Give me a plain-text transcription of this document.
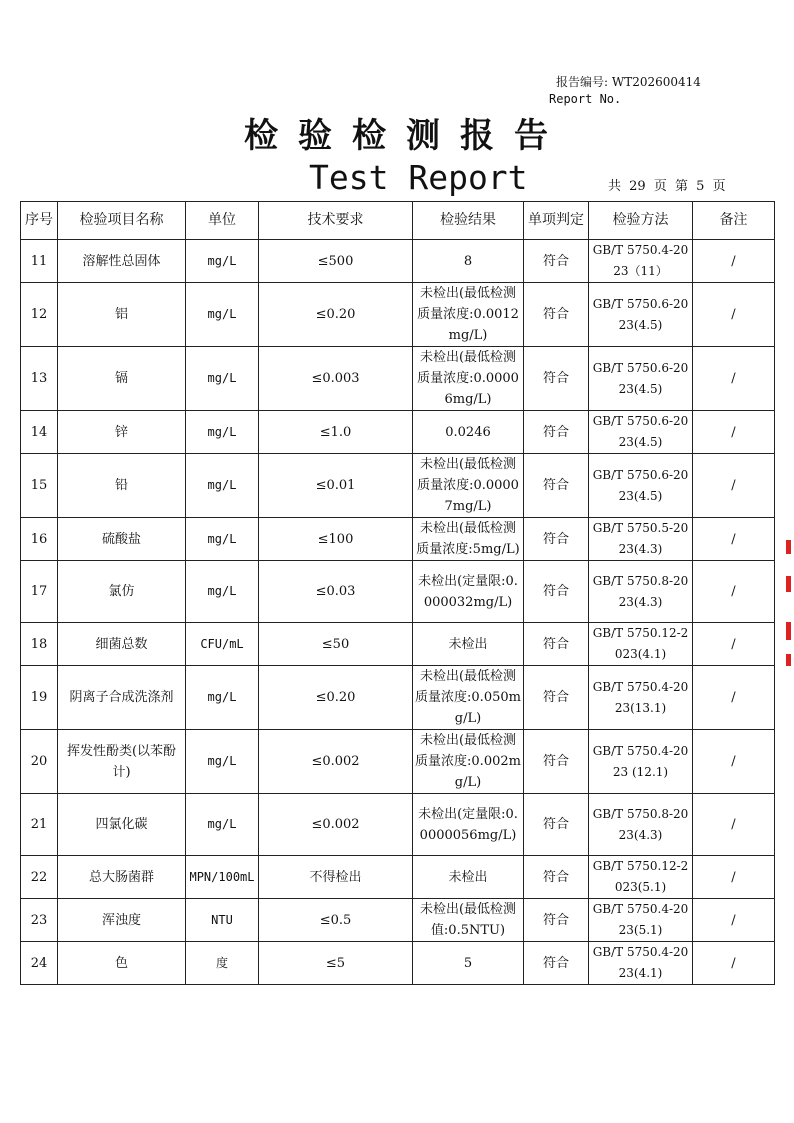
报告编号: WT202600414
Report No.
检验检测报告
Test Report	共 29 页 第 5 页
序号	检验项目名称	单位	技术要求	检验结果	单项判定	检验方法	备注
11	溶解性总固体	mg/L	≤500	8	符合	GB/T 5750.4-2023（11）	/
12	铝	mg/L	≤0.20	未检出(最低检测质量浓度:0.0012mg/L)	符合	GB/T 5750.6-2023(4.5)	/
13	镉	mg/L	≤0.003	未检出(最低检测质量浓度:0.00006mg/L)	符合	GB/T 5750.6-2023(4.5)	/
14	锌	mg/L	≤1.0	0.0246	符合	GB/T 5750.6-2023(4.5)	/
15	铅	mg/L	≤0.01	未检出(最低检测质量浓度:0.00007mg/L)	符合	GB/T 5750.6-2023(4.5)	/
16	硫酸盐	mg/L	≤100	未检出(最低检测质量浓度:5mg/L)	符合	GB/T 5750.5-2023(4.3)	/
17	氯仿	mg/L	≤0.03	未检出(定量限:0.000032mg/L)	符合	GB/T 5750.8-2023(4.3)	/
18	细菌总数	CFU/mL	≤50	未检出	符合	GB/T 5750.12-2023(4.1)	/
19	阴离子合成洗涤剂	mg/L	≤0.20	未检出(最低检测质量浓度:0.050mg/L)	符合	GB/T 5750.4-2023(13.1)	/
20	挥发性酚类(以苯酚计)	mg/L	≤0.002	未检出(最低检测质量浓度:0.002mg/L)	符合	GB/T 5750.4-2023 (12.1)	/
21	四氯化碳	mg/L	≤0.002	未检出(定量限:0.0000056mg/L)	符合	GB/T 5750.8-2023(4.3)	/
22	总大肠菌群	MPN/100mL	不得检出	未检出	符合	GB/T 5750.12-2023(5.1)	/
23	浑浊度	NTU	≤0.5	未检出(最低检测值:0.5NTU)	符合	GB/T 5750.4-2023(5.1)	/
24	色	度	≤5	5	符合	GB/T 5750.4-2023(4.1)	/
